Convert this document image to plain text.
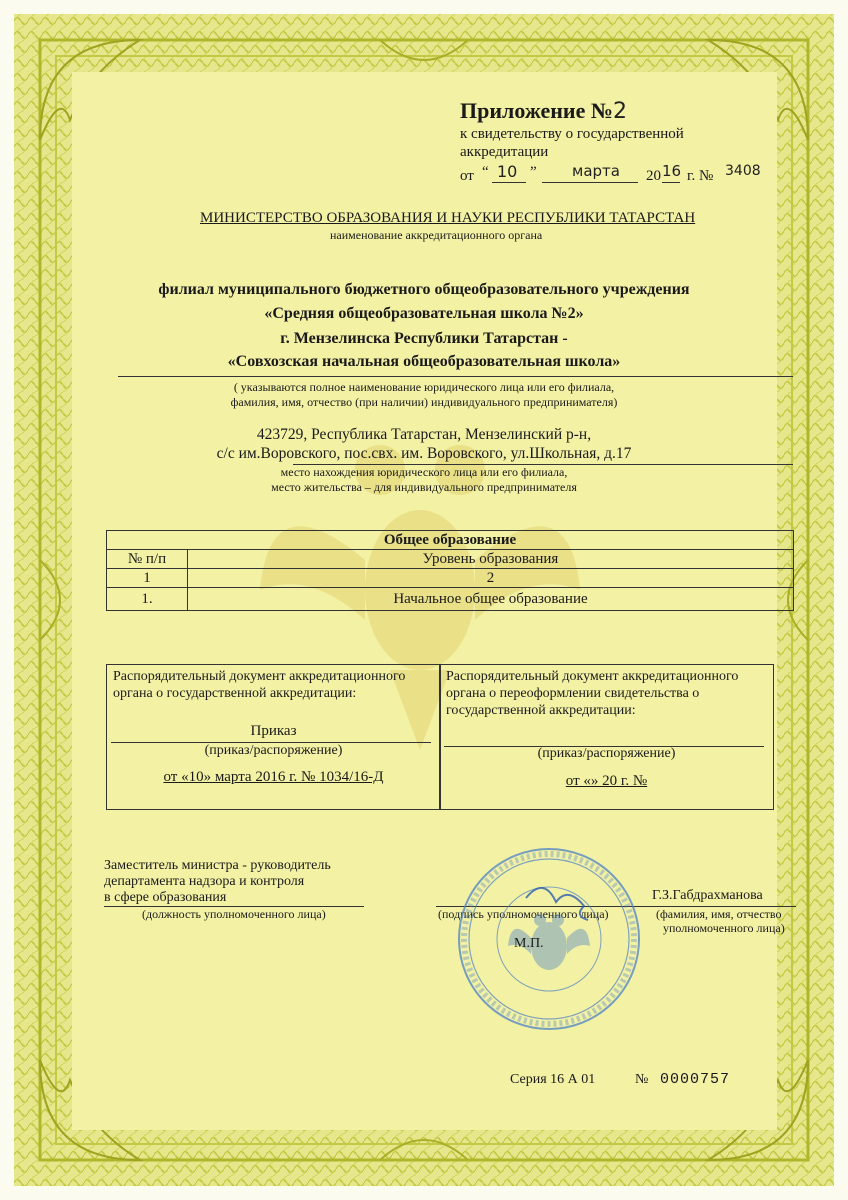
Приложение №2
к свидетельству о государственной
аккредитации
от “ 10 ” марта 20 16 г. № 3408
МИНИСТЕРСТВО ОБРАЗОВАНИЯ И НАУКИ РЕСПУБЛИКИ ТАТАРСТАН
наименование аккредитационного органа
филиал муниципального бюджетного общеобразовательного учреждения
«Средняя общеобразовательная школа №2»
г. Мензелинска Республики Татарстан -
«Совхозская начальная общеобразовательная школа»
( указываются полное наименование юридического лица или его филиала,
фамилия, имя, отчество (при наличии) индивидуального предпринимателя)
423729, Республика Татарстан, Мензелинский р-н,
с/с им.Воровского, пос.свх. им. Воровского, ул.Школьная, д.17
место нахождения юридического лица или его филиала,
место жительства – для индивидуального предпринимателя
Общее образование	
№ п/п	Уровень образования
1	2
1.	Начальное общее образование
Распорядительный документ аккредитационного
органа о государственной аккредитации:
Приказ
(приказ/распоряжение)
от «10» марта 2016 г. № 1034/16-Д
Распорядительный документ аккредитационного
органа о переоформлении свидетельства о
государственной аккредитации:
(приказ/распоряжение)
от «» 20 г. №
Заместитель министра - руководитель
департамента надзора и контроля
в сфере образования
(должность уполномоченного лица)	(подпись уполномоченного лица)
Г.З.Габдрахманова
(фамилия, имя, отчество
уполномоченного лица)
М.П.
Серия 16 А 01	№ 0000757
